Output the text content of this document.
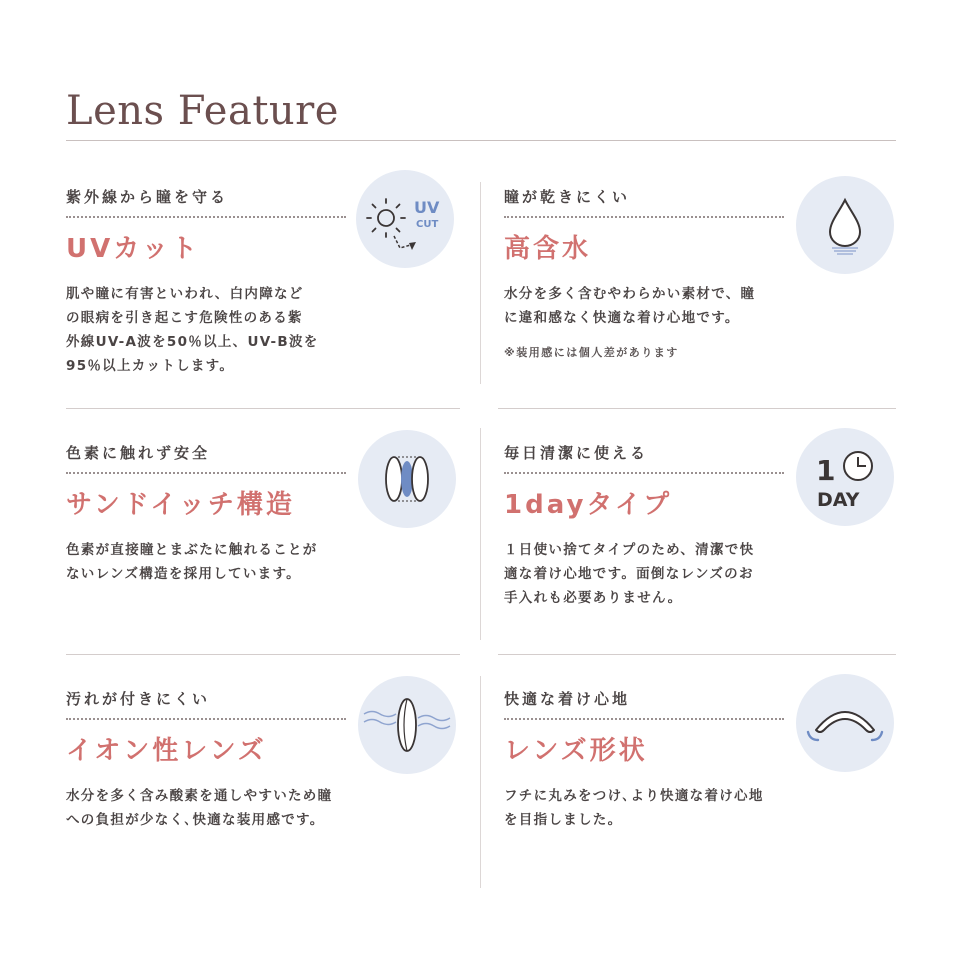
Lens Feature
紫外線から瞳を守る
UVカット
肌や瞳に有害といわれ、白内障など
の眼病を引き起こす危険性のある紫
外線UV-A波を50％以上、UV-B波を
95％以上カットします。
UV
CUT
瞳が乾きにくい
高含水
水分を多く含むやわらかい素材で、瞳
に違和感なく快適な着け心地です。
※装用感には個人差があります
色素に触れず安全
サンドイッチ構造
色素が直接瞳とまぶたに触れることが
ないレンズ構造を採用しています。
毎日清潔に使える
1dayタイプ
１日使い捨てタイプのため、清潔で快
適な着け心地です。面倒なレンズのお
手入れも必要ありません。
1
DAY
汚れが付きにくい
イオン性レンズ
水分を多く含み酸素を通しやすいため瞳
への負担が少なく､快適な装用感です。
快適な着け心地
レンズ形状
フチに丸みをつけ､より快適な着け心地
を目指しました。
